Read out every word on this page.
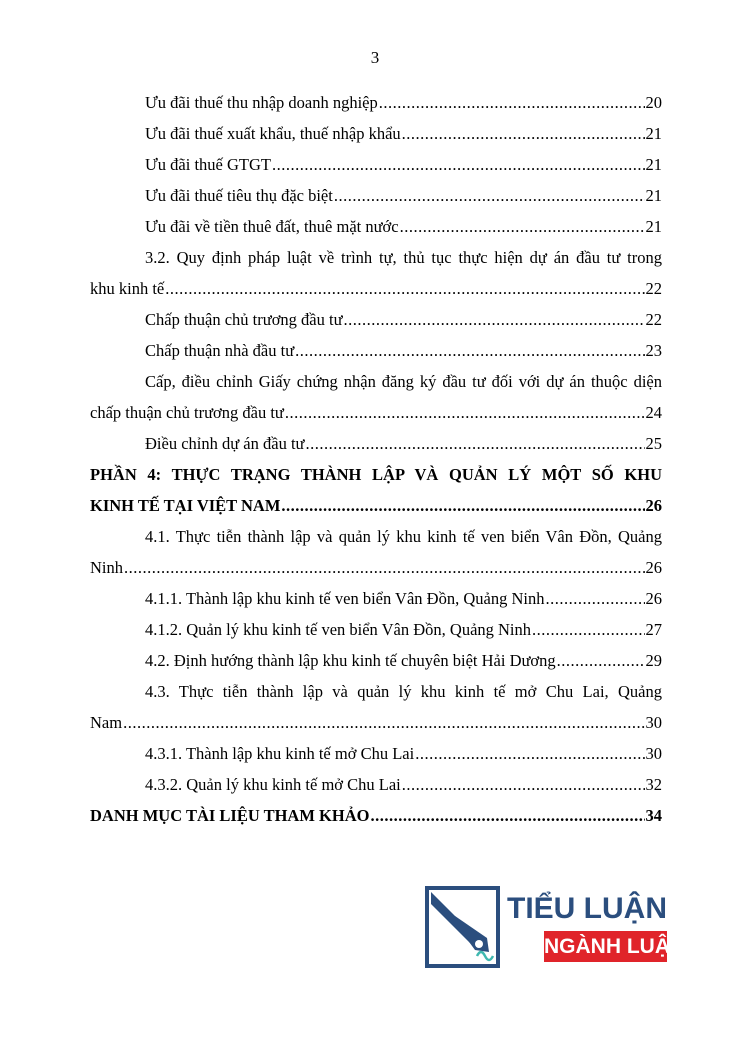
3
Ưu đãi thuế thu nhập doanh nghiệp .....	20
Ưu đãi thuế xuất khẩu, thuế nhập khẩu .....	21
Ưu đãi thuế GTGT .....	21
Ưu đãi thuế tiêu thụ đặc biệt .....	21
Ưu đãi về tiền thuê đất, thuê mặt nước .....	21
3.2. Quy định pháp luật về trình tự, thủ tục thực hiện dự án đầu tư trong
khu kinh tế .....	22
Chấp thuận chủ trương đầu tư .....	22
Chấp thuận nhà đầu tư .....	23
Cấp, điều chỉnh Giấy chứng nhận đăng ký đầu tư đối với dự án thuộc diện
chấp thuận chủ trương đầu tư .....	24
Điều chỉnh dự án đầu tư .....	25
PHẦN 4: THỰC TRẠNG THÀNH LẬP VÀ QUẢN LÝ MỘT SỐ KHU
KINH TẾ TẠI VIỆT NAM .....	26
4.1. Thực tiễn thành lập và quản lý khu kinh tế ven biển Vân Đồn, Quảng
Ninh .....	26
4.1.1. Thành lập khu kinh tế ven biển Vân Đồn, Quảng Ninh .....	26
4.1.2. Quản lý khu kinh tế ven biển Vân Đồn, Quảng Ninh .....	27
4.2. Định hướng thành lập khu kinh tế chuyên biệt Hải Dương .....	29
4.3. Thực tiễn thành lập và quản lý khu kinh tế mở Chu Lai, Quảng
Nam .....	30
4.3.1. Thành lập khu kinh tế mở Chu Lai .....	30
4.3.2. Quản lý khu kinh tế mở Chu Lai .....	32
DANH MỤC TÀI LIỆU THAM KHẢO .....	34
TIỂU LUẬN
NGÀNH LUẬT
